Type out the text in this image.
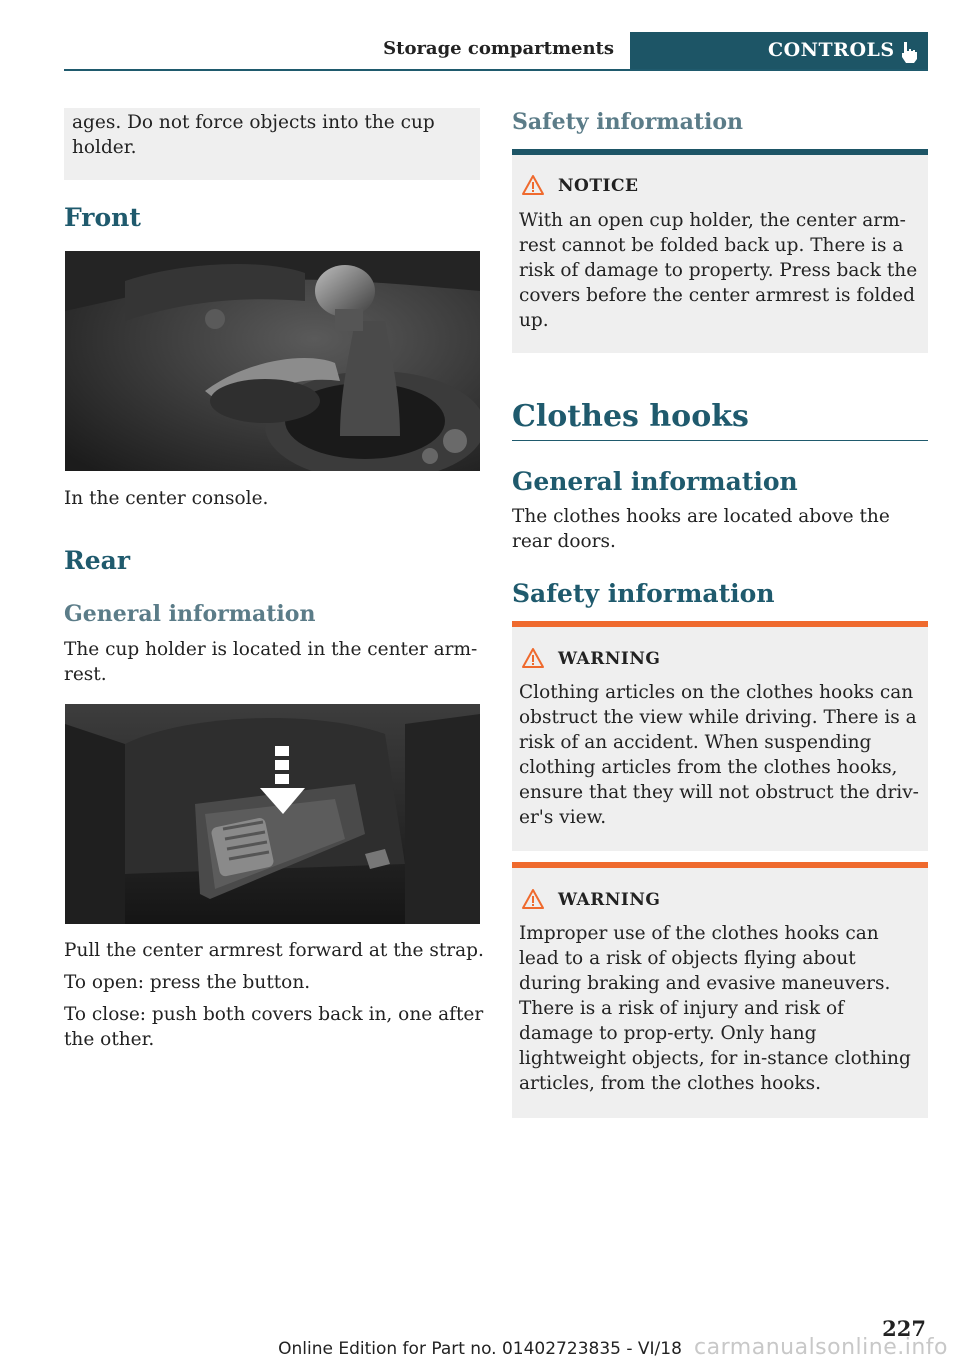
Storage compartments	CONTROLS
ages. Do not force objects into the cup holder.
Front
In the center console.
Rear
General information
The cup holder is located in the center arm-rest.
Pull the center armrest forward at the strap.
To open: press the button.
To close: push both covers back in, one after the other.
Safety information
NOTICE
With an open cup holder, the center arm-rest cannot be folded back up. There is a risk of damage to property. Press back the covers before the center armrest is folded up.
Clothes hooks
General information
The clothes hooks are located above the rear doors.
Safety information
WARNING
Clothing articles on the clothes hooks can obstruct the view while driving. There is a risk of an accident. When suspending clothing articles from the clothes hooks, ensure that they will not obstruct the driv-er's view.
WARNING
Improper use of the clothes hooks can lead to a risk of objects flying about during braking and evasive maneuvers. There is a risk of injury and risk of damage to prop-erty. Only hang lightweight objects, for in-stance clothing articles, from the clothes hooks.
227
Online Edition for Part no. 01402723835 - VI/18 carmanualsonline.info
